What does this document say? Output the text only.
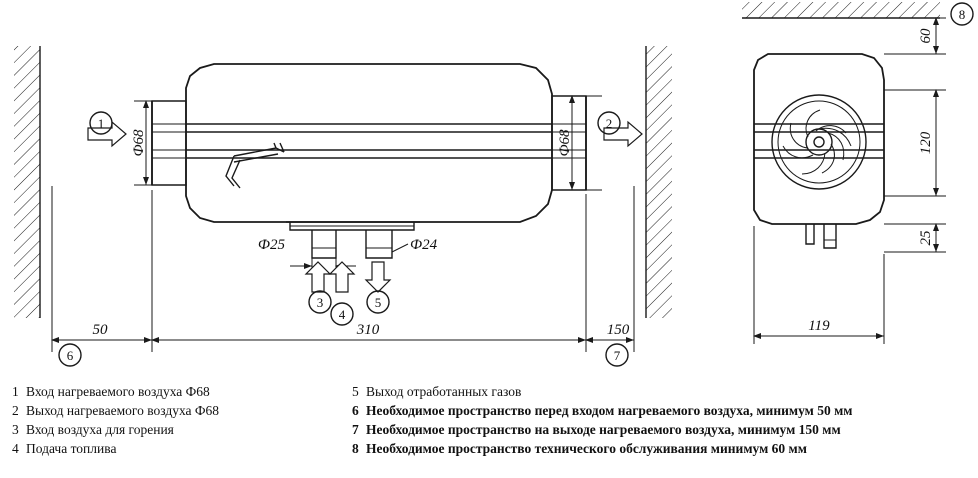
Ф68	Ф68
Ф25	Ф24
1	2
3
4
5
6	7
8
50	310	150
60
120
25
119
1 Вход нагреваемого воздуха Ф68
2 Выход нагреваемого воздуха Ф68
3 Вход воздуха для горения
4 Подача топлива
5 Выход отработанных газов
6 Необходимое пространство перед входом нагреваемого воздуха, минимум 50 мм
7 Необходимое пространство на выходе нагреваемого воздуха, минимум 150 мм
8 Необходимое пространство технического обслуживания минимум 60 мм
